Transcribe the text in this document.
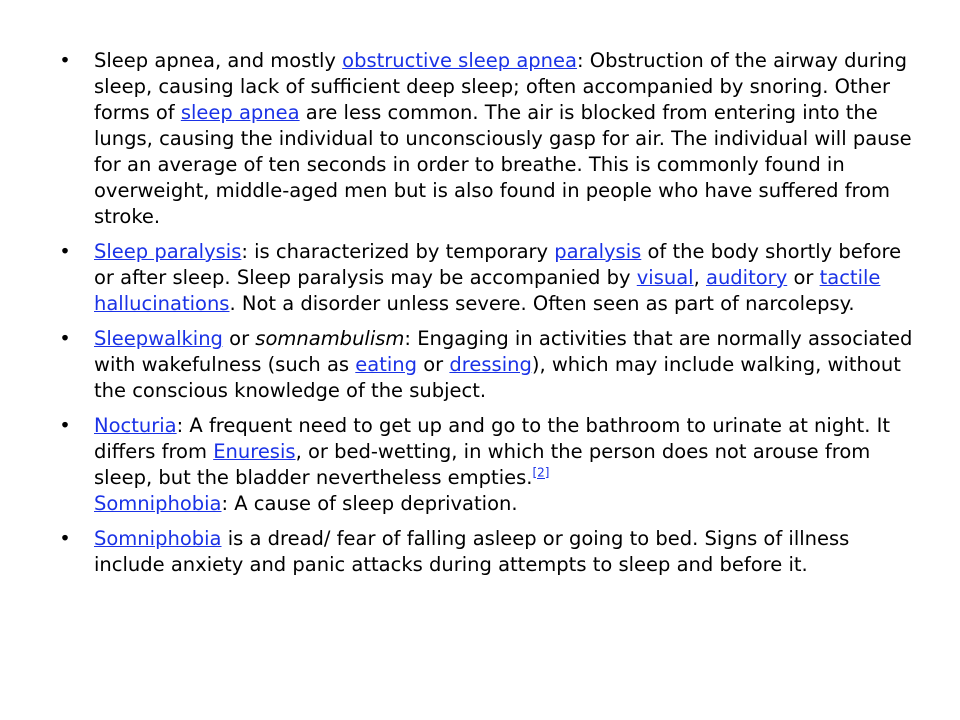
• Sleep apnea, and mostly obstructive sleep apnea: Obstruction of the airway during sleep, causing lack of sufficient deep sleep; often accompanied by snoring. Other forms of sleep apnea are less common. The air is blocked from entering into the lungs, causing the individual to unconsciously gasp for air. The individual will pause for an average of ten seconds in order to breathe. This is commonly found in overweight, middle-aged men but is also found in people who have suffered from stroke.
• Sleep paralysis: is characterized by temporary paralysis of the body shortly before or after sleep. Sleep paralysis may be accompanied by visual, auditory or tactile hallucinations. Not a disorder unless severe. Often seen as part of narcolepsy.
• Sleepwalking or somnambulism: Engaging in activities that are normally associated with wakefulness (such as eating or dressing), which may include walking, without the conscious knowledge of the subject.
• Nocturia: A frequent need to get up and go to the bathroom to urinate at night. It differs from Enuresis, or bed-wetting, in which the person does not arouse from sleep, but the bladder nevertheless empties.[2]
Somniphobia: A cause of sleep deprivation.
• Somniphobia is a dread/ fear of falling asleep or going to bed. Signs of illness include anxiety and panic attacks during attempts to sleep and before it.
